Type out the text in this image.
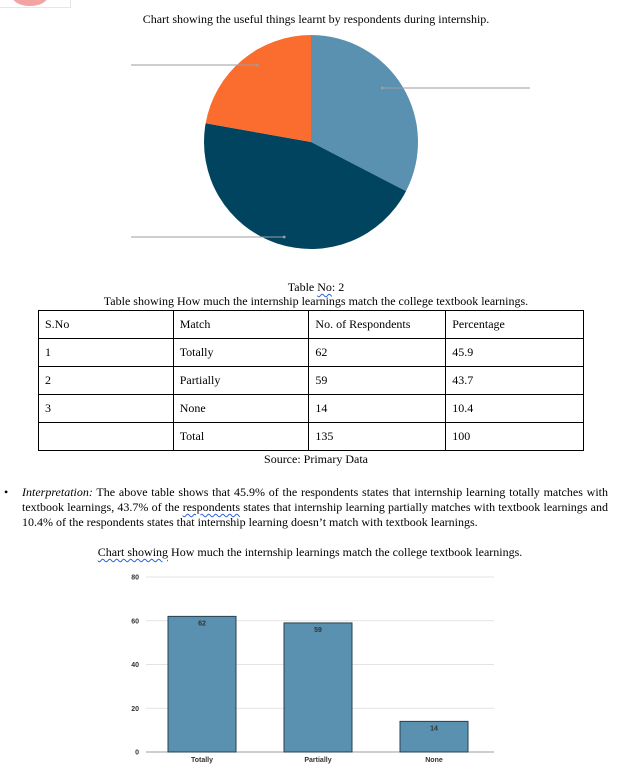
Chart showing the useful things learnt by respondents during internship.
Table No: 2
Table showing How much the internship learnings match the college textbook learnings.
S.No	Match	No. of Respondents	Percentage
1	Totally	62	45.9
2	Partially	59	43.7
3	None	14	10.4
	Total	135	100
Source: Primary Data
• Interpretation: The above table shows that 45.9% of the respondents states that internship learning totally matches with textbook learnings, 43.7% of the respondents states that internship learning partially matches with textbook learnings and 10.4% of the respondents states that internship learning doesn’t match with textbook learnings.
Chart showing How much the internship learnings match the college textbook learnings.
0
20
40
60
80
62
Totally
59
Partially
14
None
